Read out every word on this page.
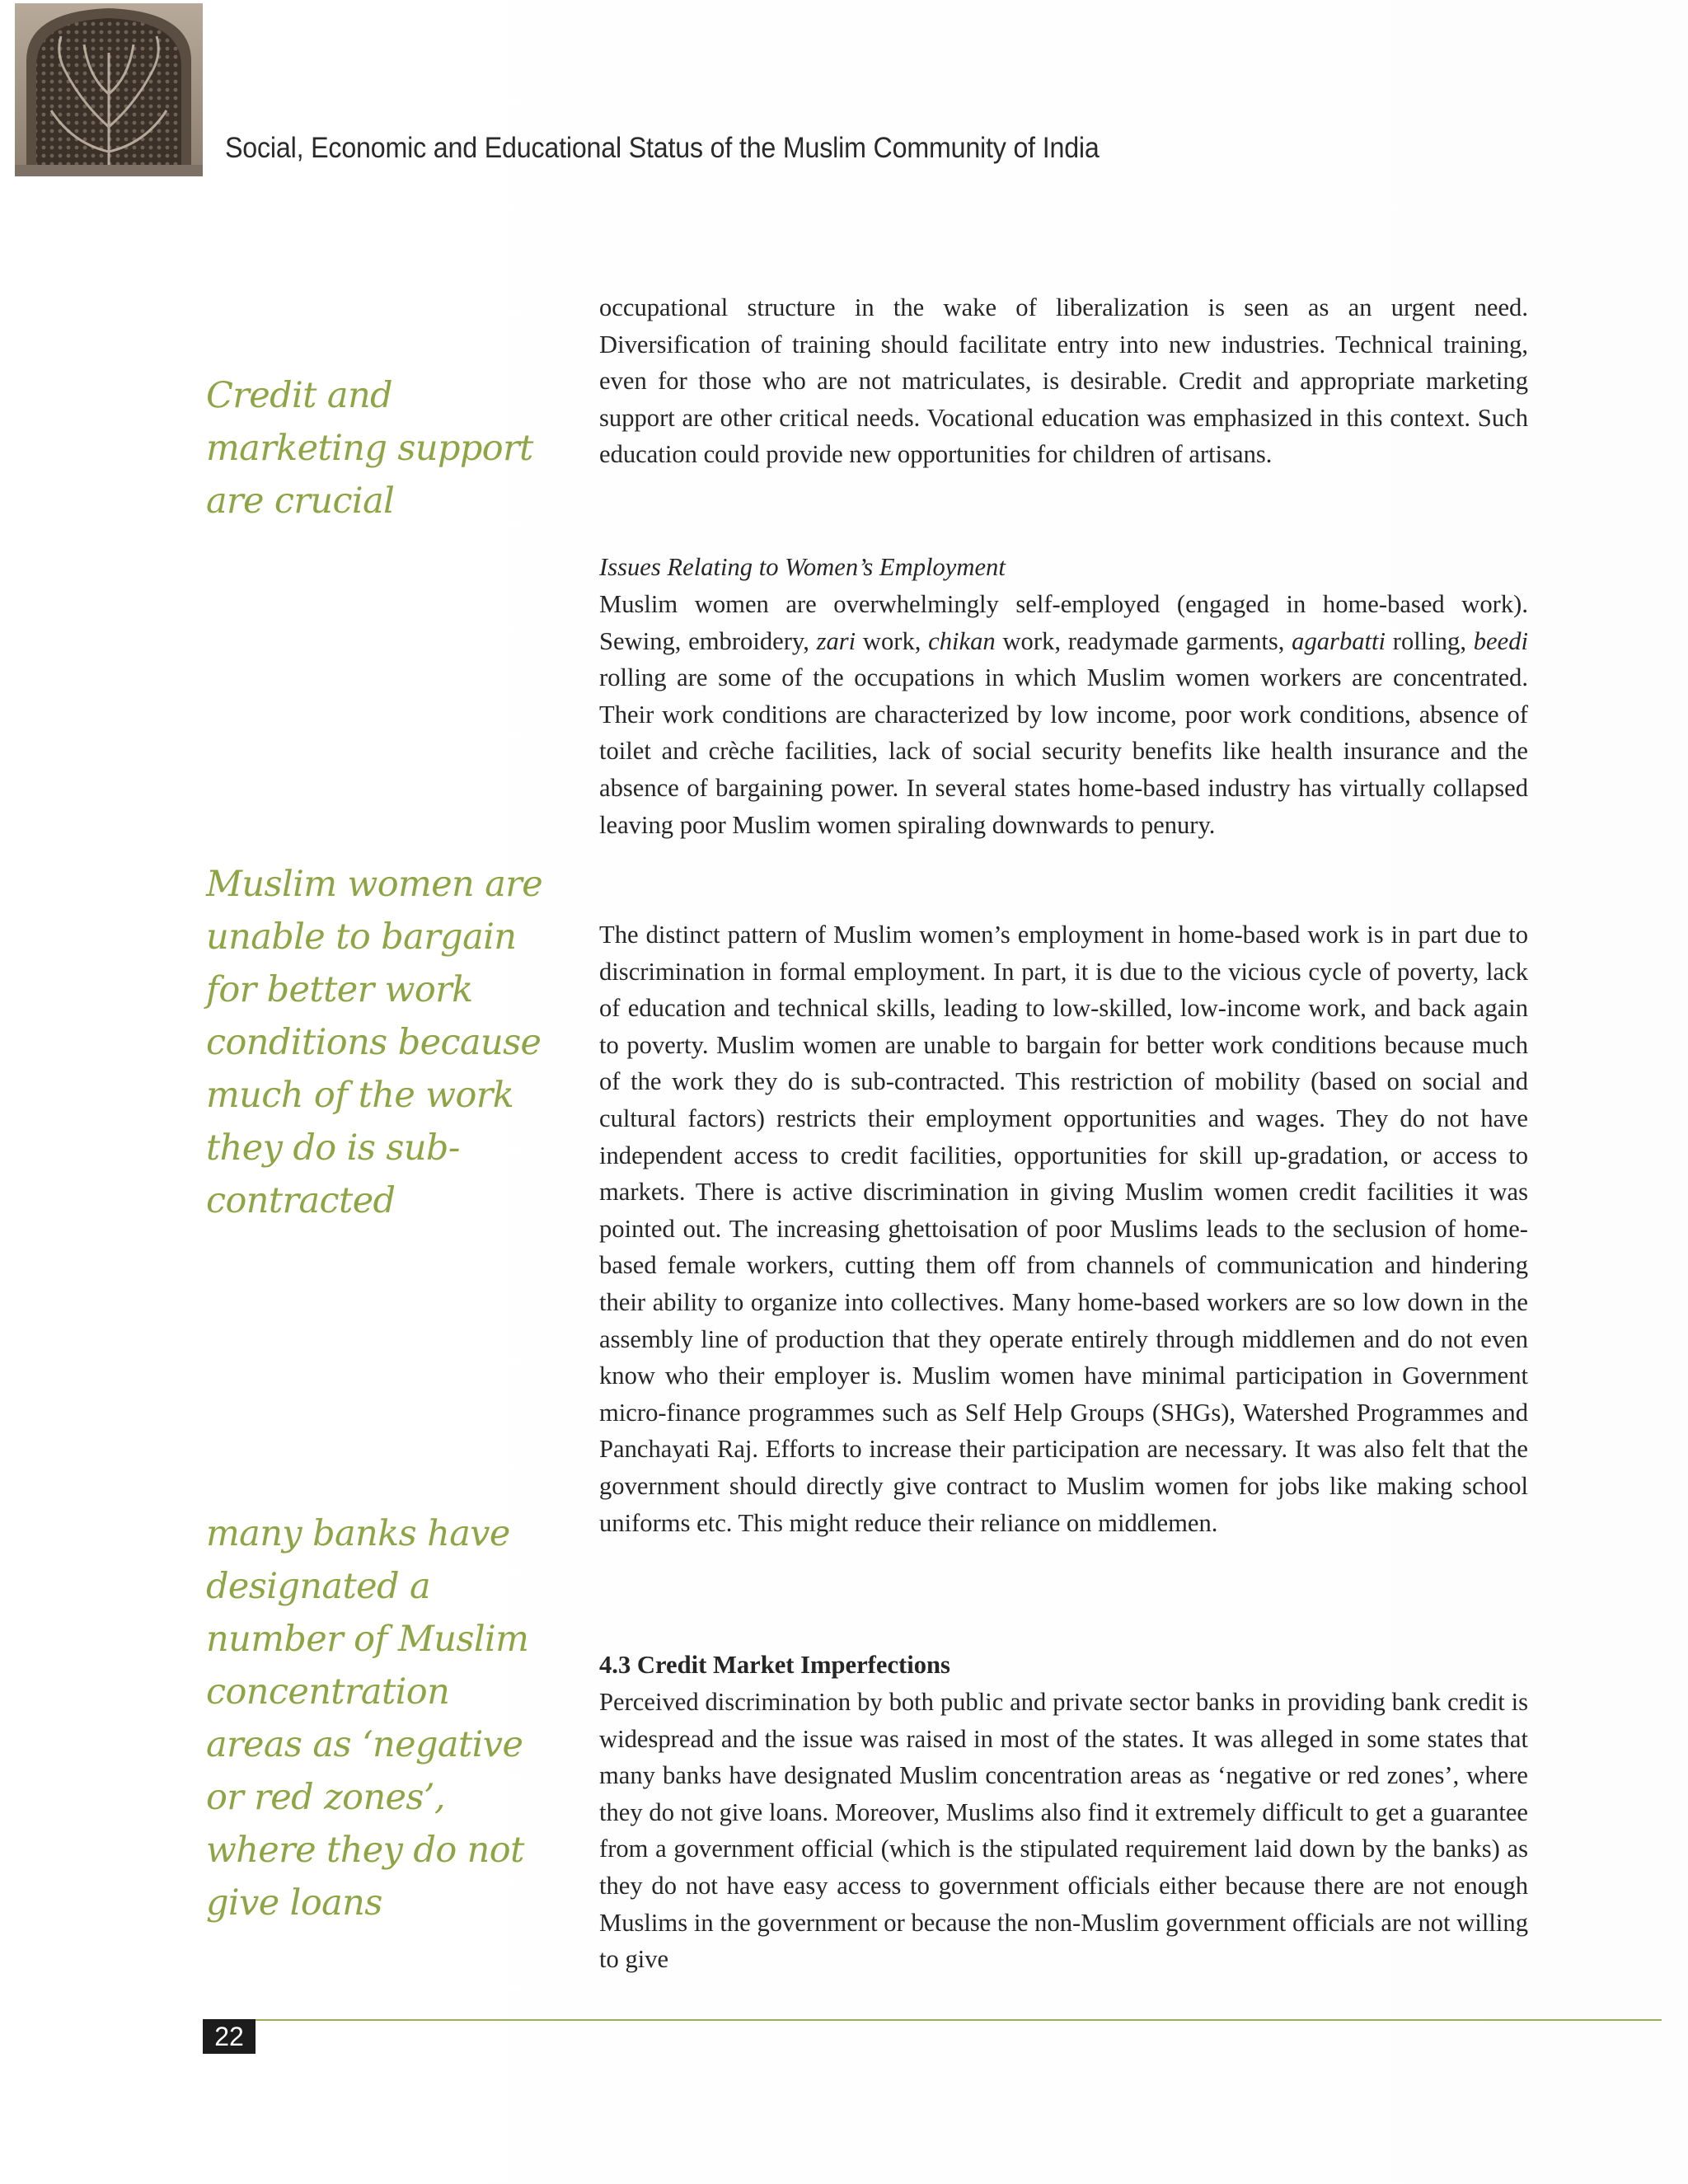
Social, Economic and Educational Status of the Muslim Community of India
Credit and marketing support are crucial
Muslim women are unable to bargain for better work conditions because much of the work they do is sub-contracted
many banks have designated a number of Muslim concentration areas as ‘negative or red zones’, where they do not give loans

occupational structure in the wake of liberalization is seen as an urgent need. Diversification of training should facilitate entry into new industries. Technical training, even for those who are not matriculates, is desirable. Credit and appropriate marketing support are other critical needs. Vocational education was emphasized in this context. Such education could provide new opportunities for children of artisans.

Issues Relating to Women’s Employment

Muslim women are overwhelmingly self-employed (engaged in home-based work). Sewing, embroidery, zari work, chikan work, readymade garments, agarbatti rolling, beedi rolling are some of the occupations in which Muslim women workers are concentrated. Their work conditions are characterized by low income, poor work conditions, absence of toilet and crèche facilities, lack of social security benefits like health insurance and the absence of bargaining power. In several states home-based industry has virtually collapsed leaving poor Muslim women spiraling downwards to penury.

The distinct pattern of Muslim women’s employment in home-based work is in part due to discrimination in formal employment. In part, it is due to the vicious cycle of poverty, lack of education and technical skills, leading to low-skilled, low-income work, and back again to poverty. Muslim women are unable to bargain for better work conditions because much of the work they do is sub-contracted. This restriction of mobility (based on social and cultural factors) restricts their employment opportunities and wages. They do not have independent access to credit facilities, opportunities for skill up-gradation, or access to markets. There is active discrimination in giving Muslim women credit facilities it was pointed out. The increasing ghettoisation of poor Muslims leads to the seclusion of home-based female workers, cutting them off from channels of communication and hindering their ability to organize into collectives. Many home-based workers are so low down in the assembly line of production that they operate entirely through middlemen and do not even know who their employer is. Muslim women have minimal participation in Government micro-finance programmes such as Self Help Groups (SHGs), Watershed Programmes and Panchayati Raj. Efforts to increase their participation are necessary. It was also felt that the government should directly give contract to Muslim women for jobs like making school uniforms etc. This might reduce their reliance on middlemen.

4.3 Credit Market Imperfections

Perceived discrimination by both public and private sector banks in providing bank credit is widespread and the issue was raised in most of the states. It was alleged in some states that many banks have designated Muslim concentration areas as ‘negative or red zones’, where they do not give loans. Moreover, Muslims also find it extremely difficult to get a guarantee from a government official (which is the stipulated requirement laid down by the banks) as they do not have easy access to government officials either because there are not enough Muslims in the government or because the non-Muslim government officials are not willing to give

22
